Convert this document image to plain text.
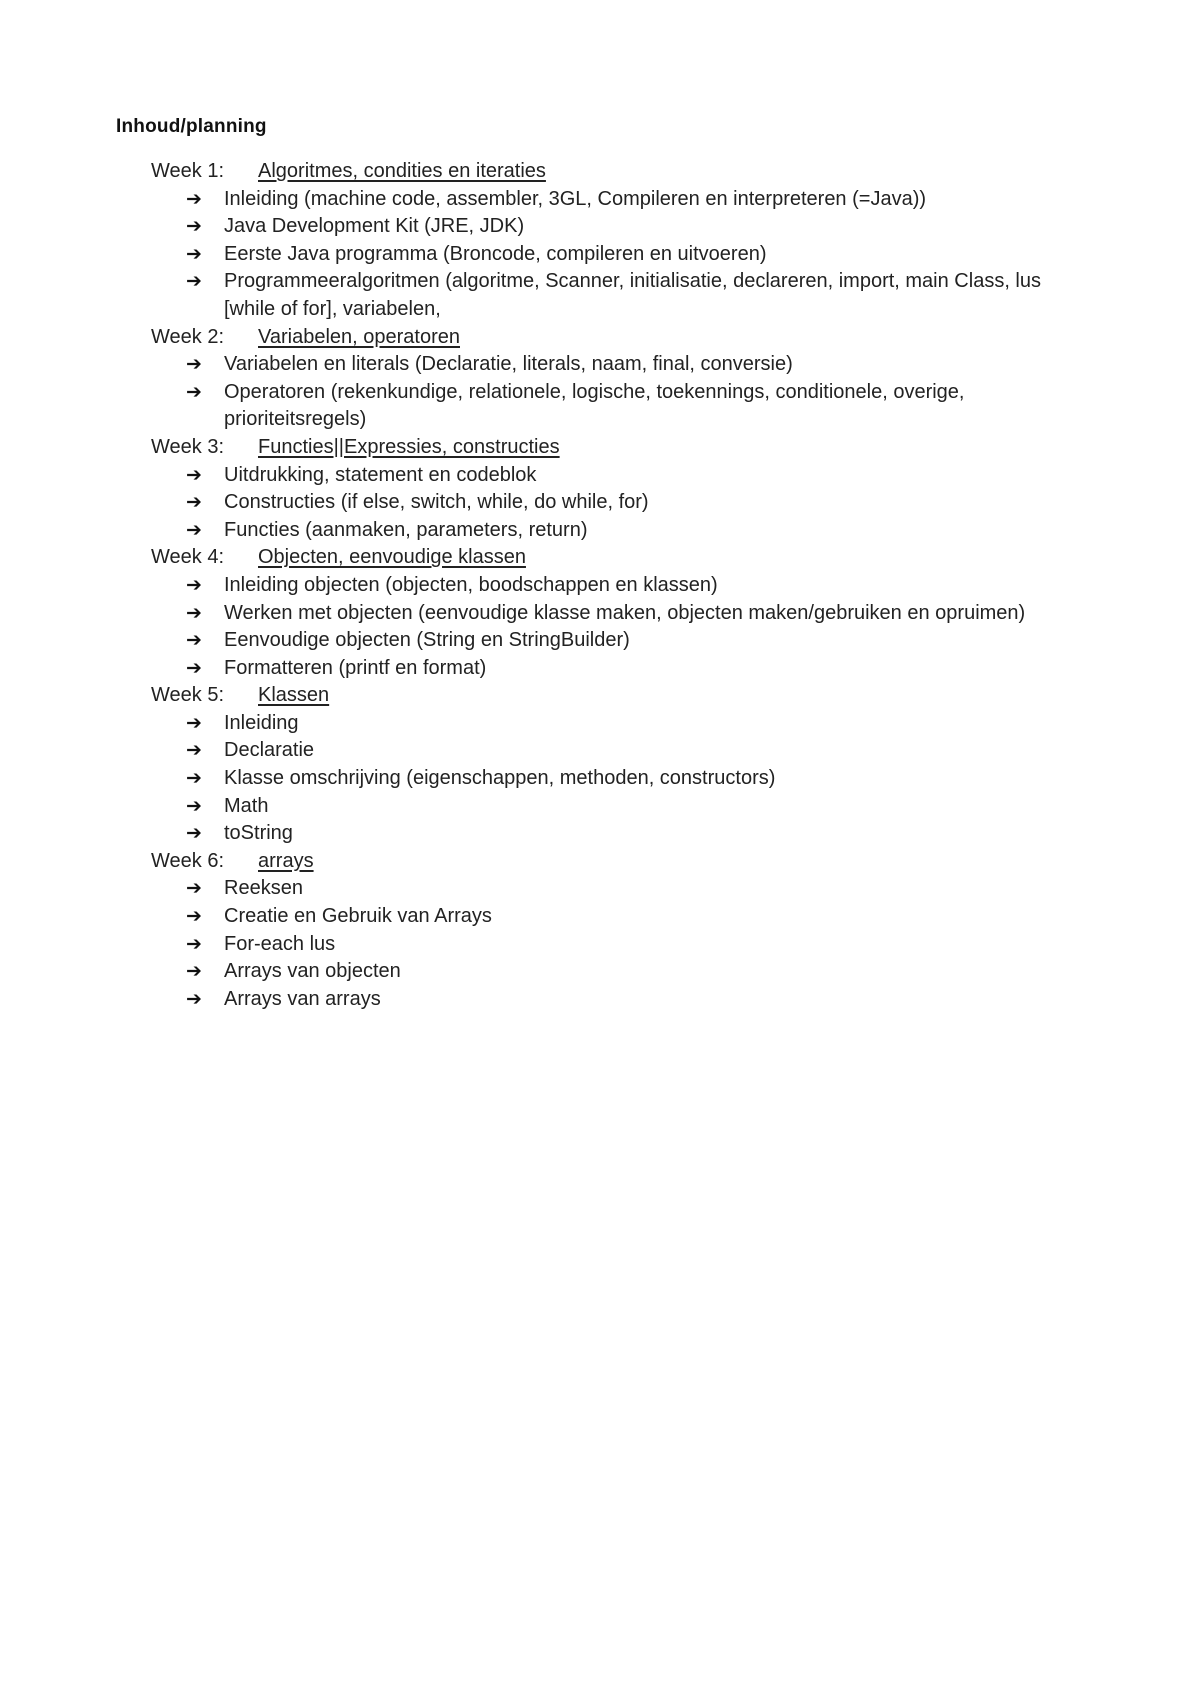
Inhoud/planning
Week 1: Algoritmes, condities en iteraties
➔ Inleiding (machine code, assembler, 3GL, Compileren en interpreteren (=Java))
➔ Java Development Kit (JRE, JDK)
➔ Eerste Java programma (Broncode, compileren en uitvoeren)
➔ Programmeeralgoritmen (algoritme, Scanner, initialisatie, declareren, import, main Class, lus [while of for], variabelen,
Week 2: Variabelen, operatoren
➔ Variabelen en literals (Declaratie, literals, naam, final, conversie)
➔ Operatoren (rekenkundige, relationele, logische, toekennings, conditionele, overige, prioriteitsregels)
Week 3: Functies||Expressies, constructies
➔ Uitdrukking, statement en codeblok
➔ Constructies (if else, switch, while, do while, for)
➔ Functies (aanmaken, parameters, return)
Week 4: Objecten, eenvoudige klassen
➔ Inleiding objecten (objecten, boodschappen en klassen)
➔ Werken met objecten (eenvoudige klasse maken, objecten maken/gebruiken en opruimen)
➔ Eenvoudige objecten (String en StringBuilder)
➔ Formatteren (printf en format)
Week 5: Klassen
➔ Inleiding
➔ Declaratie
➔ Klasse omschrijving (eigenschappen, methoden, constructors)
➔ Math
➔ toString
Week 6: arrays
➔ Reeksen
➔ Creatie en Gebruik van Arrays
➔ For-each lus
➔ Arrays van objecten
➔ Arrays van arrays
